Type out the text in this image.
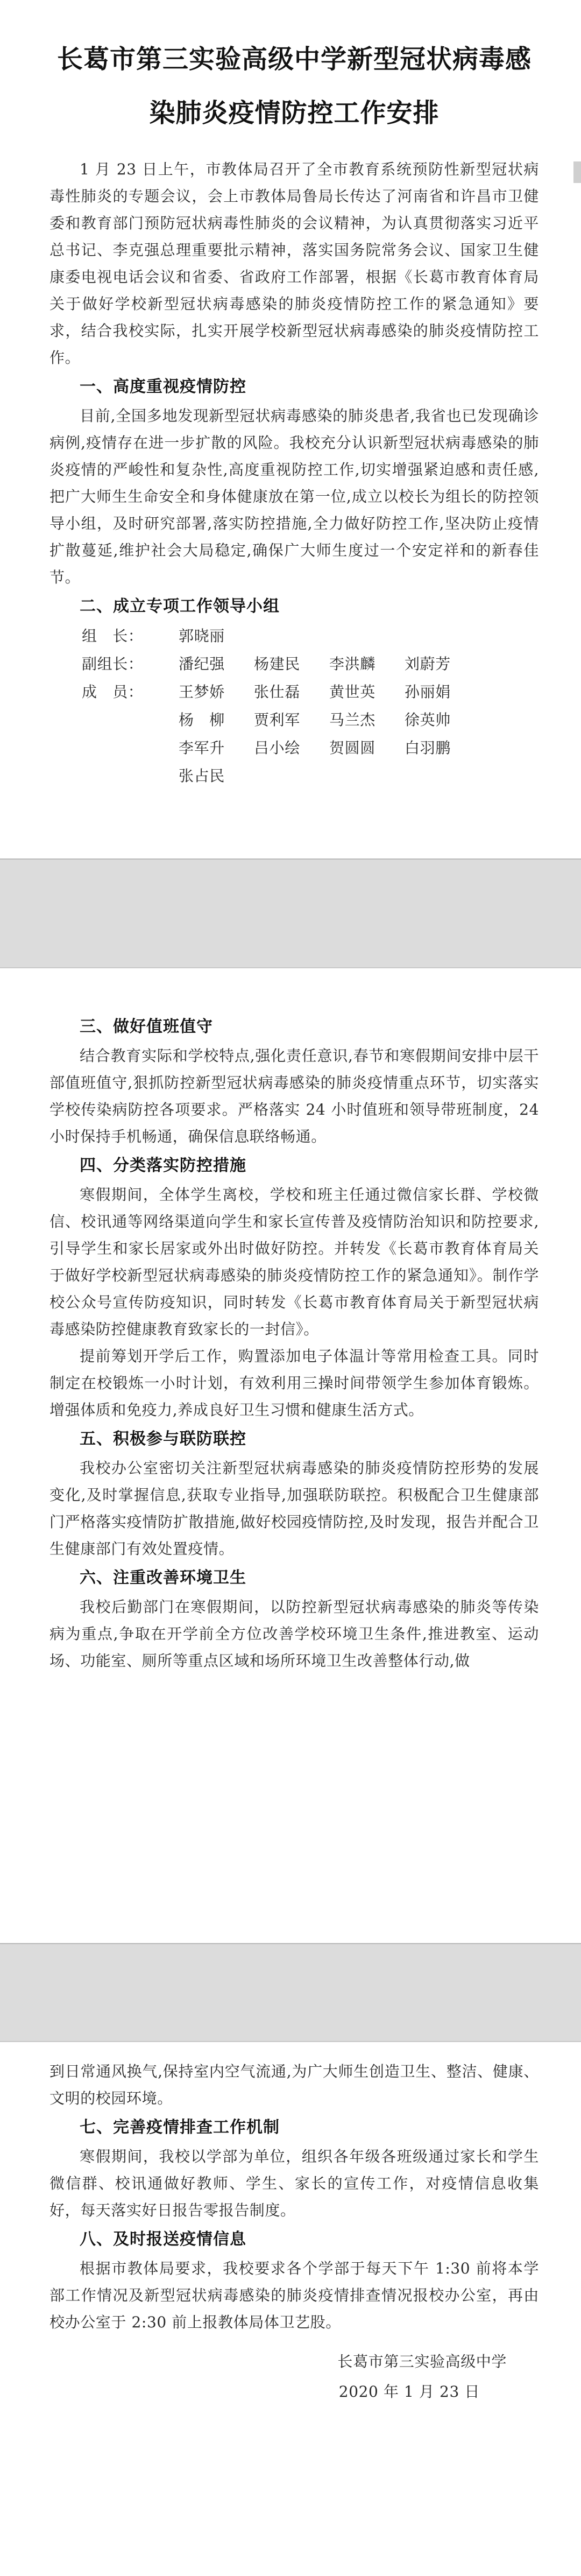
长葛市第三实验高级中学新型冠状病毒感
染肺炎疫情防控工作安排

1 月 23 日上午，市教体局召开了全市教育系统预防性新型冠状病毒性肺炎的专题会议，会上市教体局鲁局长传达了河南省和许昌市卫健委和教育部门预防冠状病毒性肺炎的会议精神，为认真贯彻落实习近平总书记、李克强总理重要批示精神，落实国务院常务会议、国家卫生健康委电视电话会议和省委、省政府工作部署，根据《长葛市教育体育局关于做好学校新型冠状病毒感染的肺炎疫情防控工作的紧急通知》要求，结合我校实际，扎实开展学校新型冠状病毒感染的肺炎疫情防控工作。

一、高度重视疫情防控

目前,全国多地发现新型冠状病毒感染的肺炎患者,我省也已发现确诊病例,疫情存在进一步扩散的风险。我校充分认识新型冠状病毒感染的肺炎疫情的严峻性和复杂性,高度重视防控工作,切实增强紧迫感和责任感,把广大师生生命安全和身体健康放在第一位,成立以校长为组长的防控领导小组，及时研究部署,落实防控措施,全力做好防控工作,坚决防止疫情扩散蔓延,维护社会大局稳定,确保广大师生度过一个安定祥和的新春佳节。

二、成立专项工作领导小组

组　长：	郭晓丽
副组长：	潘纪强	杨建民	李洪麟	刘蔚芳
成　员：	王梦娇	张仕磊	黄世英	孙丽娟
杨　柳	贾利军	马兰杰	徐英帅
李军升	吕小绘	贺圆圆	白羽鹏
张占民

三、做好值班值守

结合教育实际和学校特点,强化责任意识,春节和寒假期间安排中层干部值班值守,狠抓防控新型冠状病毒感染的肺炎疫情重点环节，切实落实学校传染病防控各项要求。严格落实 24 小时值班和领导带班制度，24 小时保持手机畅通，确保信息联络畅通。

四、分类落实防控措施

寒假期间，全体学生离校，学校和班主任通过微信家长群、学校微信、校讯通等网络渠道向学生和家长宣传普及疫情防治知识和防控要求,引导学生和家长居家或外出时做好防控。并转发《长葛市教育体育局关于做好学校新型冠状病毒感染的肺炎疫情防控工作的紧急通知》。制作学校公众号宣传防疫知识，同时转发《长葛市教育体育局关于新型冠状病毒感染防控健康教育致家长的一封信》。

提前筹划开学后工作，购置添加电子体温计等常用检查工具。同时制定在校锻炼一小时计划，有效利用三操时间带领学生参加体育锻炼。增强体质和免疫力,养成良好卫生习惯和健康生活方式。

五、积极参与联防联控

我校办公室密切关注新型冠状病毒感染的肺炎疫情防控形势的发展变化,及时掌握信息,获取专业指导,加强联防联控。积极配合卫生健康部门严格落实疫情防扩散措施,做好校园疫情防控,及时发现，报告并配合卫生健康部门有效处置疫情。

六、注重改善环境卫生

我校后勤部门在寒假期间，以防控新型冠状病毒感染的肺炎等传染病为重点,争取在开学前全方位改善学校环境卫生条件,推进教室、运动场、功能室、厕所等重点区域和场所环境卫生改善整体行动,做

到日常通风换气,保持室内空气流通,为广大师生创造卫生、整洁、健康、文明的校园环境。

七、完善疫情排查工作机制

寒假期间，我校以学部为单位，组织各年级各班级通过家长和学生微信群、校讯通做好教师、学生、家长的宣传工作，对疫情信息收集好，每天落实好日报告零报告制度。

八、及时报送疫情信息

根据市教体局要求，我校要求各个学部于每天下午 1:30 前将本学部工作情况及新型冠状病毒感染的肺炎疫情排查情况报校办公室，再由校办公室于 2:30 前上报教体局体卫艺股。

长葛市第三实验高级中学
2020 年 1 月 23 日
